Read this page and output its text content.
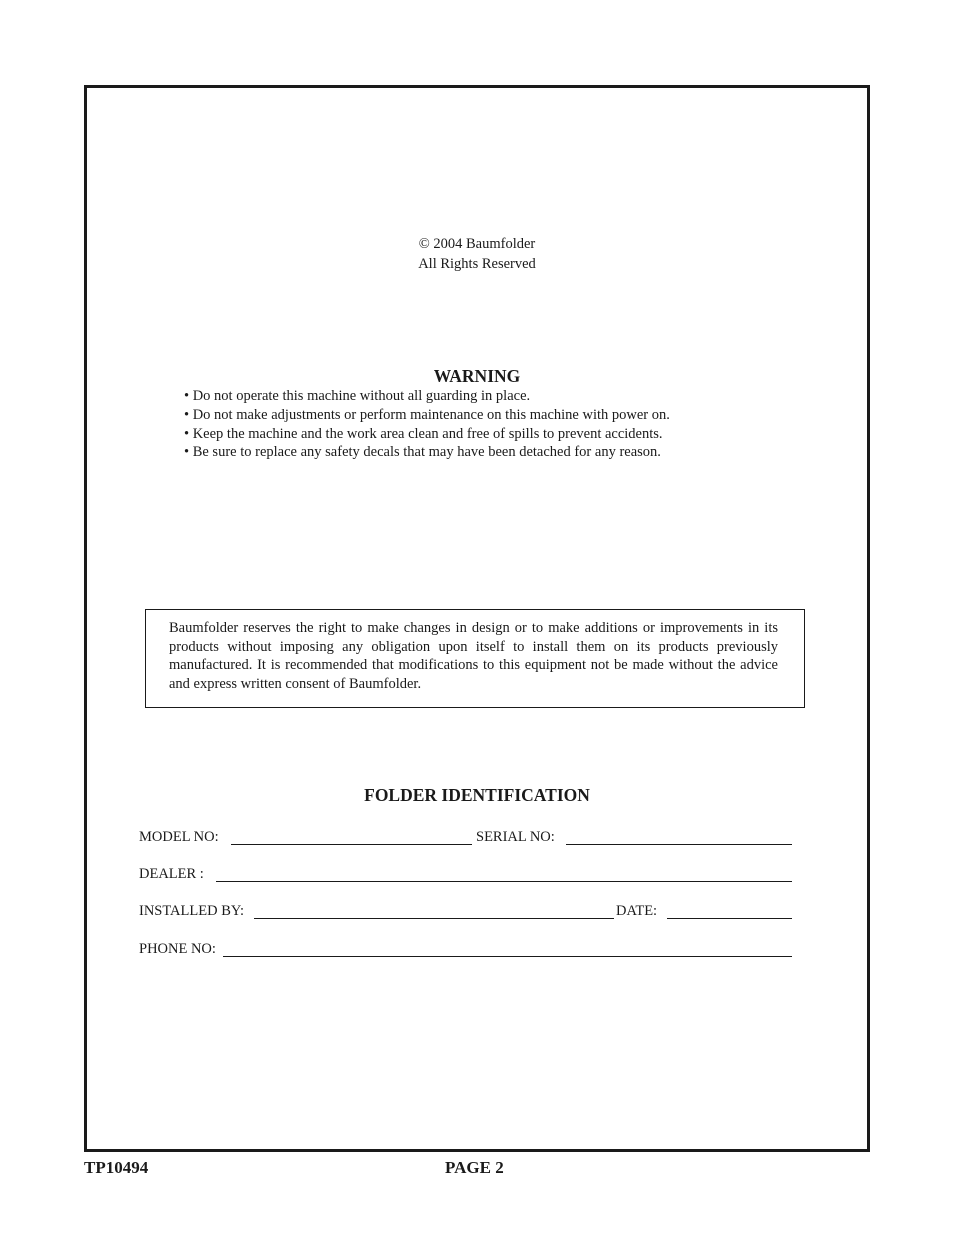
© 2004 Baumfolder
All Rights Reserved
WARNING
• Do not operate this machine without all guarding in place.
• Do not make adjustments or perform maintenance on this machine with power on.
• Keep the machine and the work area clean and free of spills to prevent accidents.
• Be sure to replace any safety decals that may have been detached for any reason.

Baumfolder reserves the right to make changes in design or to make additions or improvements in its products without imposing any obligation upon itself to install them on its products previously manufactured. It is recommended that modifications to this equipment not be made without the advice and express written consent of Baumfolder.

FOLDER IDENTIFICATION
MODEL NO:	SERIAL NO:
DEALER :
INSTALLED BY:	DATE:
PHONE NO:
TP10494	PAGE 2
